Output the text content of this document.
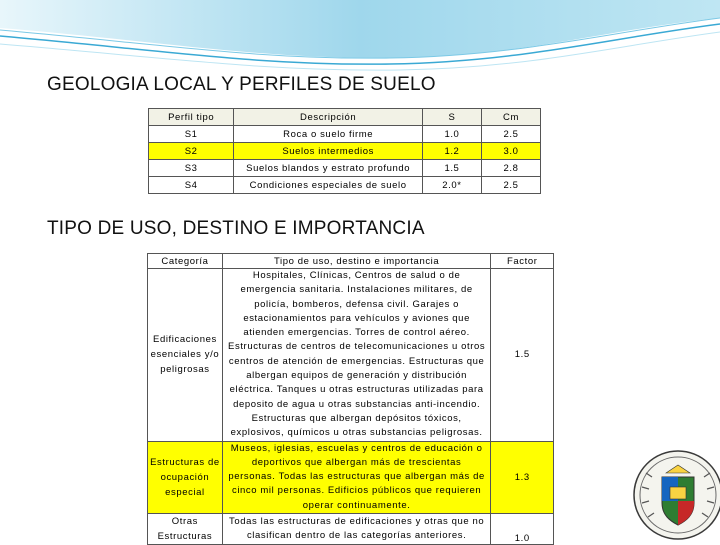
GEOLOGIA LOCAL Y PERFILES DE SUELO
Perfil tipo	Descripción	S	Cm
S1	Roca o suelo firme	1.0	2.5
S2	Suelos intermedios	1.2	3.0
S3	Suelos blandos y estrato profundo	1.5	2.8
S4	Condiciones especiales de suelo	2.0*	2.5
TIPO DE USO, DESTINO E IMPORTANCIA
Categoría	Tipo de uso, destino e importancia	Factor
Edificaciones esenciales y/o peligrosas	Hospitales, Clínicas, Centros de salud o de emergencia sanitaria. Instalaciones militares, de policía, bomberos, defensa civil. Garajes o estacionamientos para vehículos y aviones que atienden emergencias. Torres de control aéreo. Estructuras de centros de telecomunicaciones u otros centros de atención de emergencias. Estructuras que albergan equipos de generación y distribución eléctrica. Tanques u otras estructuras utilizadas para deposito de agua u otras substancias anti-incendio. Estructuras que albergan depósitos tóxicos, explosivos, químicos u otras substancias peligrosas.	1.5
Estructuras de ocupación especial	Museos, iglesias, escuelas y centros de educación o deportivos que albergan más de trescientas personas. Todas las estructuras que albergan más de cinco mil personas. Edificios públicos que requieren operar continuamente.	1.3
Otras Estructuras	Todas las estructuras de edificaciones y otras que no clasifican dentro de las categorías anteriores.	1.0
